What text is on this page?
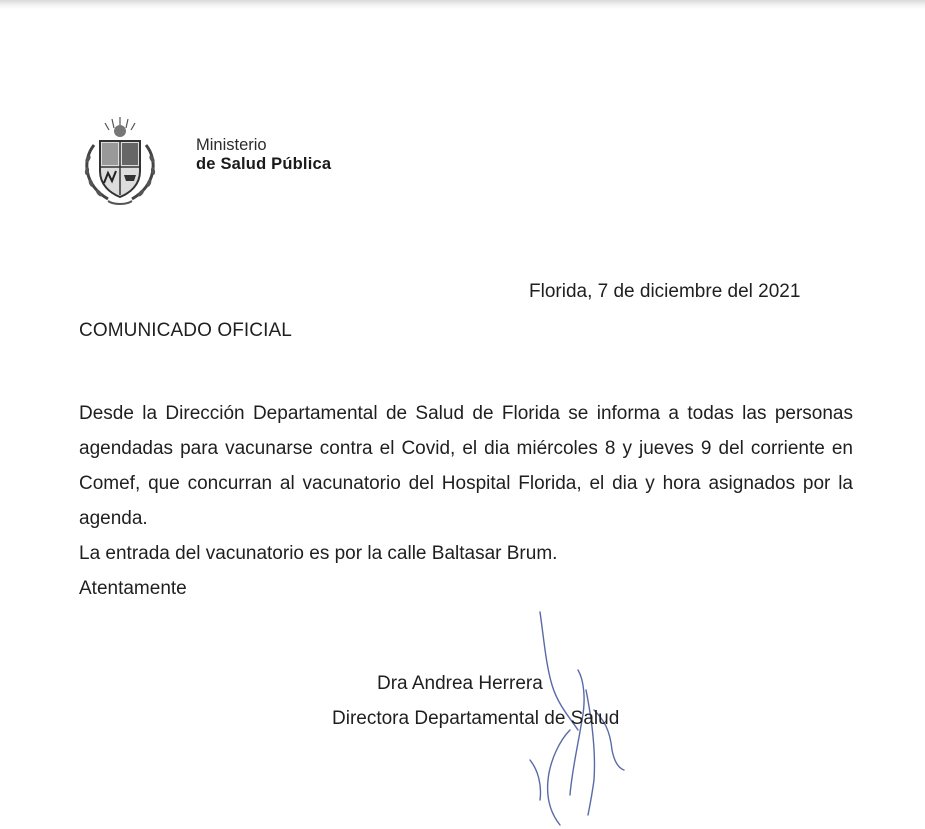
Ministerio
de Salud Pública
Florida, 7 de diciembre del 2021
COMUNICADO OFICIAL

Desde la Dirección Departamental de Salud de Florida se informa a todas las personas agendadas para vacunarse contra el Covid, el dia miércoles 8 y jueves 9 del corriente en Comef, que concurran al vacunatorio del Hospital Florida, el dia y hora asignados por la agenda.

La entrada del vacunatorio es por la calle Baltasar Brum.

Atentamente

Dra Andrea Herrera
Directora Departamental de Salud
